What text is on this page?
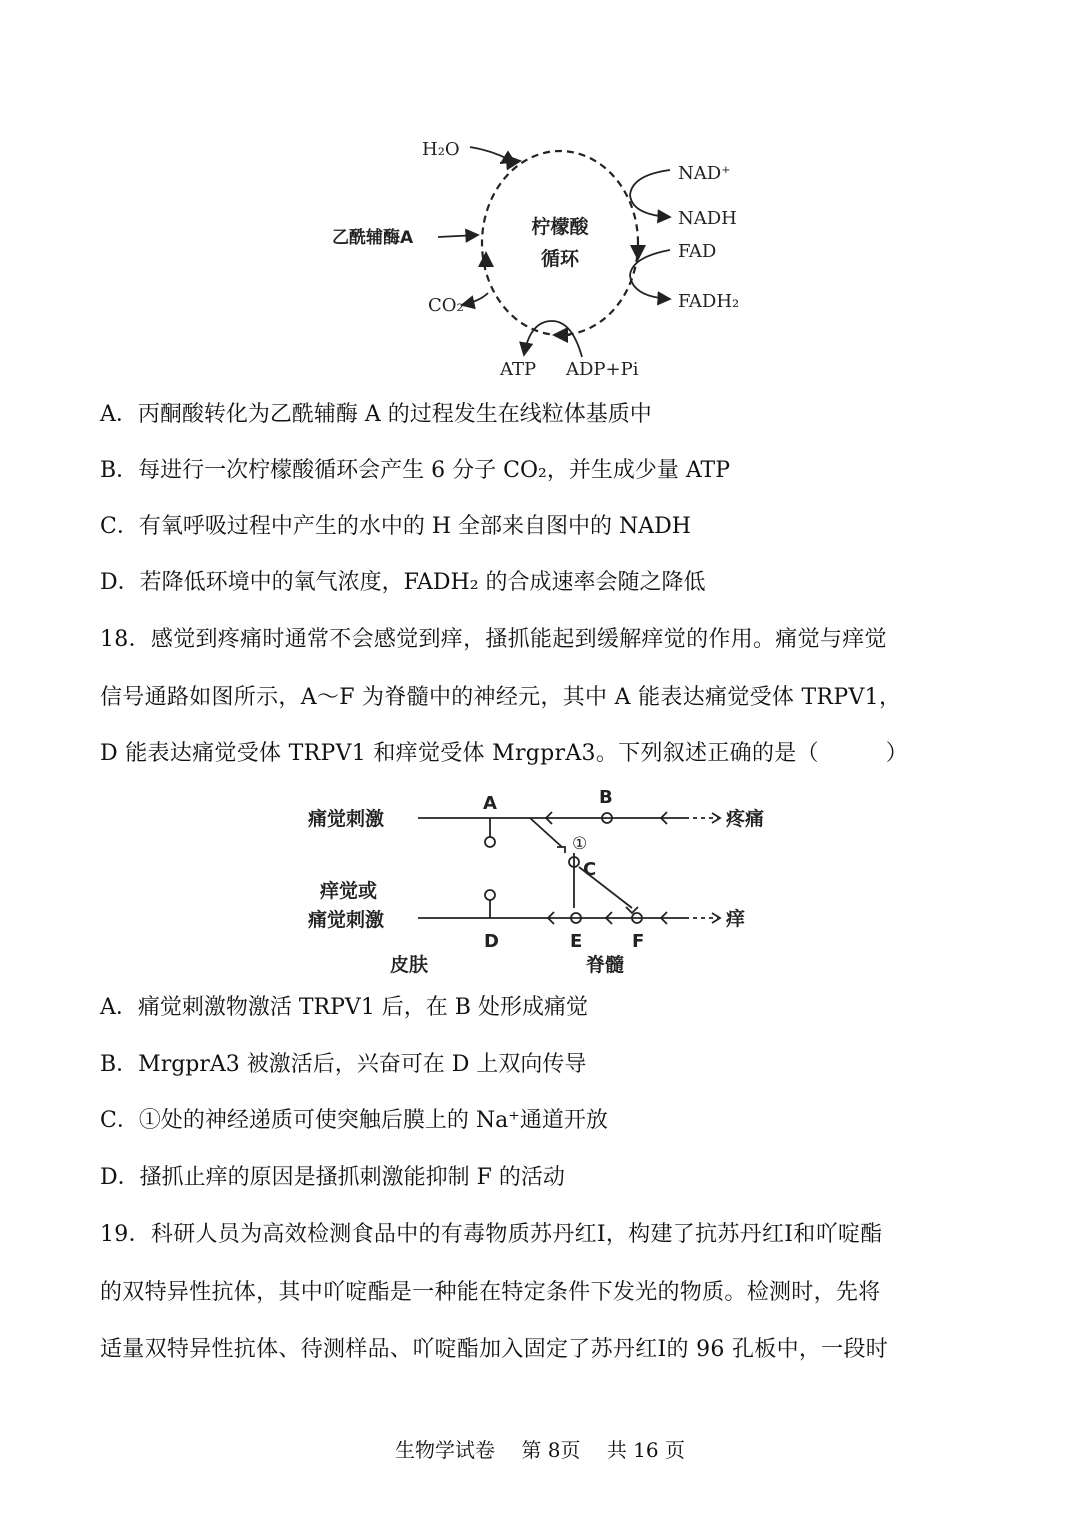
柠檬酸
循环
H₂O
乙酰辅酶A
CO₂
NAD⁺
NADH
FAD
FADH₂
ATP ADP+Pi
A．丙酮酸转化为乙酰辅酶 A 的过程发生在线粒体基质中
B．每进行一次柠檬酸循环会产生 6 分子 CO₂，并生成少量 ATP
C．有氧呼吸过程中产生的水中的 H 全部来自图中的 NADH
D．若降低环境中的氧气浓度，FADH₂ 的合成速率会随之降低
18．感觉到疼痛时通常不会感觉到痒，搔抓能起到缓解痒觉的作用。痛觉与痒觉
信号通路如图所示，A～F 为脊髓中的神经元，其中 A 能表达痛觉受体 TRPV1，
D 能表达痛觉受体 TRPV1 和痒觉受体 MrgprA3。下列叙述正确的是（　　　）
痛觉刺激
痒觉或
痛觉刺激
A	B
①
C
D	E	F
疼痛
痒
皮肤	脊髓
A．痛觉刺激物激活 TRPV1 后，在 B 处形成痛觉
B．MrgprA3 被激活后，兴奋可在 D 上双向传导
C．①处的神经递质可使突触后膜上的 Na⁺通道开放
D．搔抓止痒的原因是搔抓刺激能抑制 F 的活动
19．科研人员为高效检测食品中的有毒物质苏丹红I，构建了抗苏丹红I和吖啶酯
的双特异性抗体，其中吖啶酯是一种能在特定条件下发光的物质。检测时，先将
适量双特异性抗体、待测样品、吖啶酯加入固定了苏丹红I的 96 孔板中，一段时
生物学试卷 第 8页 共 16 页
